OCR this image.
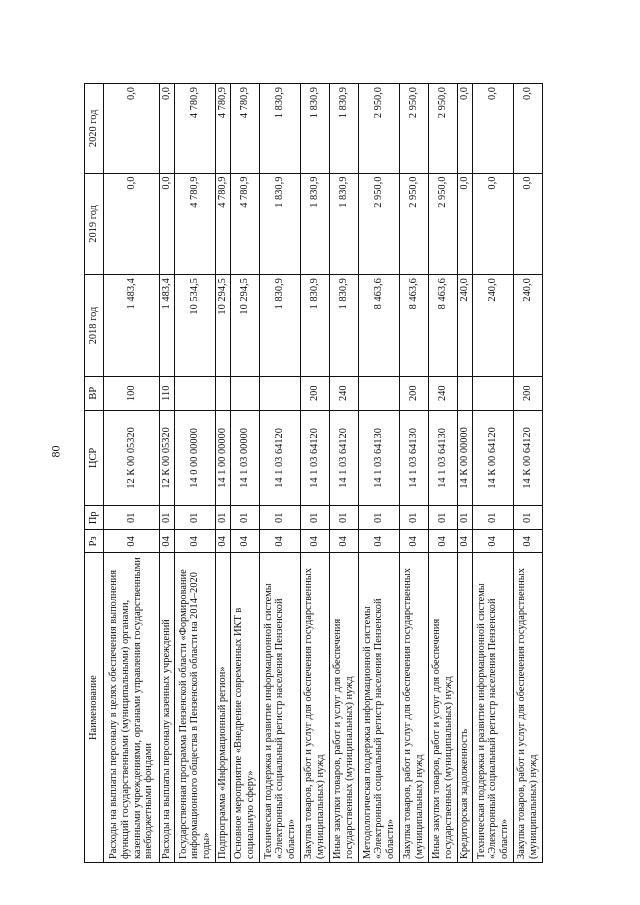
80
Наименование	Рз	Пр	ЦСР	ВР	2018 год	2019 год	2020 год
Расходы на выплаты персоналу в целях обеспечения выполнения функций государственными (муниципальными) органами, казенными учреждениями, органами управления государственными внебюджетными фондами	04	01	12 К 00 05320	100	1 483,4	0,0	0,0
Расходы на выплаты персоналу казенных учреждений	04	01	12 К 00 05320	110	1 483,4	0,0	0,0
Государственная программа Пензенской области «Формирование информационного общества в Пензенской области на 2014–2020 годы»	04	01	14 0 00 00000		10 534,5	4 780,9	4 780,9
Подпрограмма «Информационный регион»	04	01	14 1 00 00000		10 294,5	4 780,9	4 780,9
Основное мероприятие «Внедрение современных ИКТ в социальную сферу»	04	01	14 1 03 00000		10 294,5	4 780,9	4 780,9
Техническая поддержка и развитие информационной системы «Электронный социальный регистр населения Пензенской области»	04	01	14 1 03 64120		1 830,9	1 830,9	1 830,9
Закупка товаров, работ и услуг для обеспечения государственных (муниципальных) нужд	04	01	14 1 03 64120	200	1 830,9	1 830,9	1 830,9
Иные закупки товаров, работ и услуг для обеспечения государственных (муниципальных) нужд	04	01	14 1 03 64120	240	1 830,9	1 830,9	1 830,9
Методологическая поддержка информационной системы «Электронный социальный регистр населения Пензенской области»	04	01	14 1 03 64130		8 463,6	2 950,0	2 950,0
Закупка товаров, работ и услуг для обеспечения государственных (муниципальных) нужд	04	01	14 1 03 64130	200	8 463,6	2 950,0	2 950,0
Иные закупки товаров, работ и услуг для обеспечения государственных (муниципальных) нужд	04	01	14 1 03 64130	240	8 463,6	2 950,0	2 950,0
Кредиторская задолженность	04	01	14 К 00 00000		240,0	0,0	0,0
Техническая поддержка и развитие информационной системы «Электронный социальный регистр населения Пензенской области»	04	01	14 К 00 64120		240,0	0,0	0,0
Закупка товаров, работ и услуг для обеспечения государственных (муниципальных) нужд	04	01	14 К 00 64120	200	240,0	0,0	0,0
